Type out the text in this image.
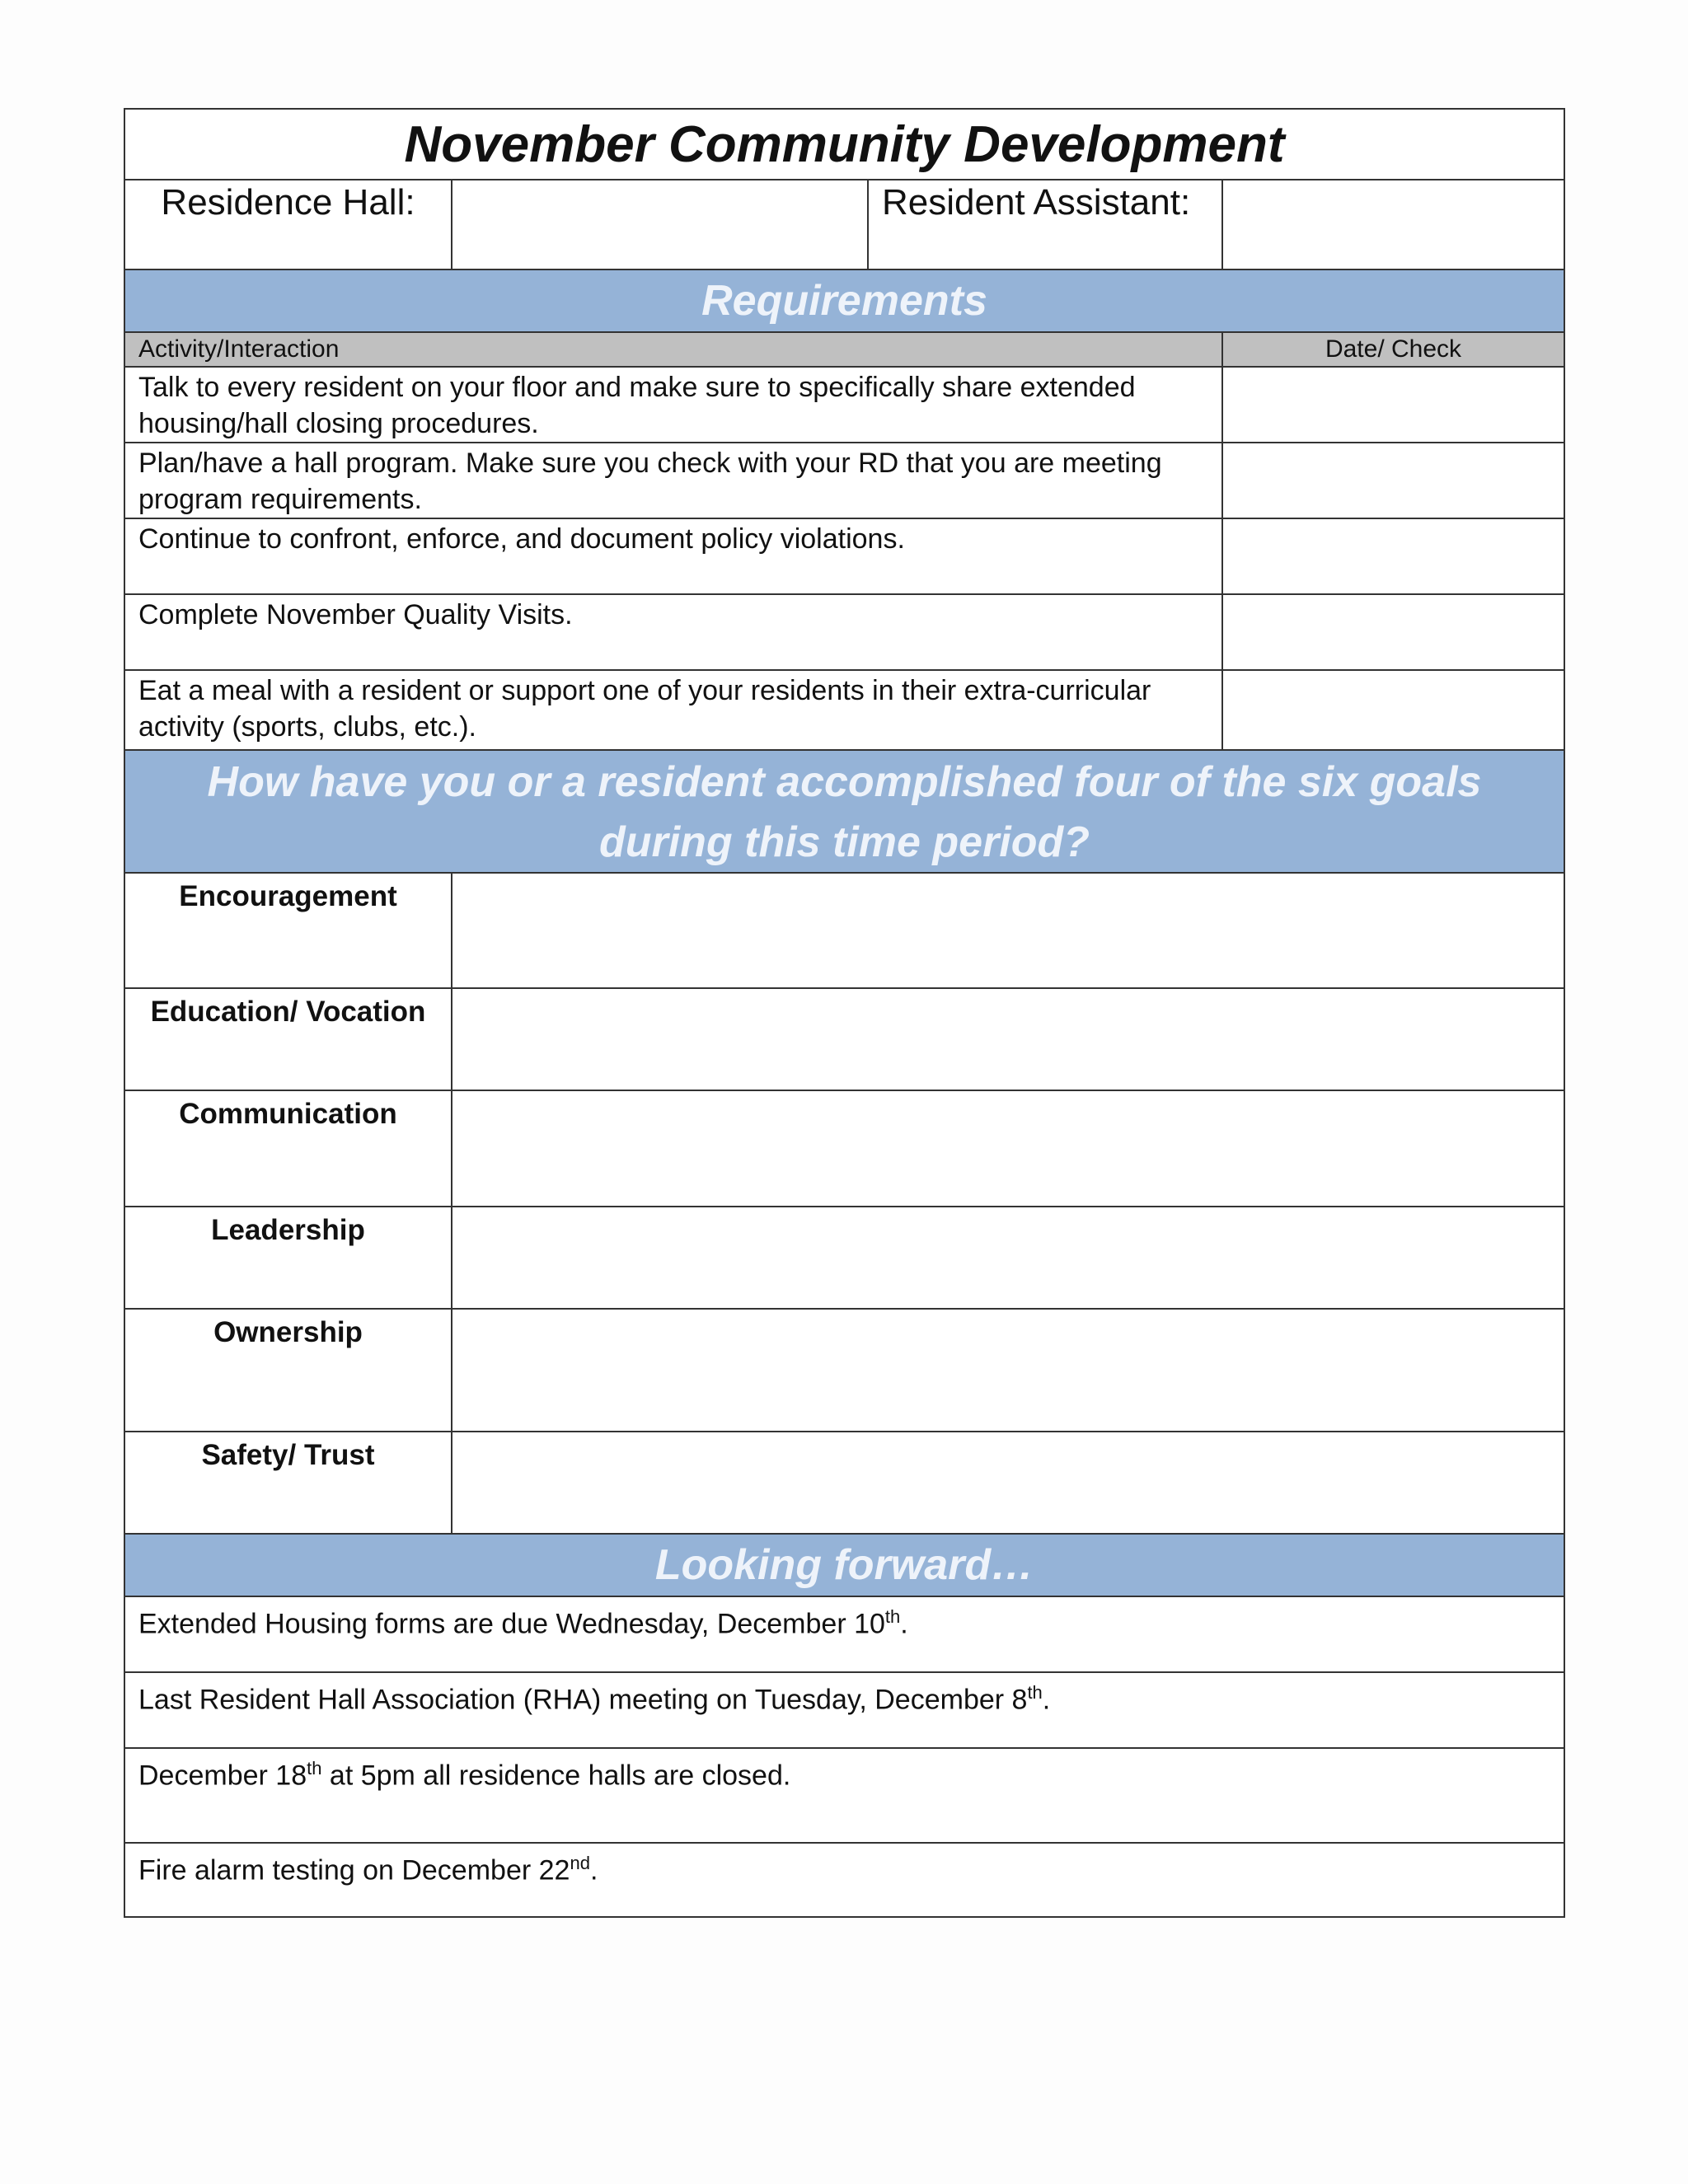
November Community Development
Residence Hall:	Resident Assistant:
Requirements
Activity/Interaction	Date/ Check
Talk to every resident on your floor and make sure to specifically share extended housing/hall closing procedures.
Plan/have a hall program. Make sure you check with your RD that you are meeting program requirements.
Continue to confront, enforce, and document policy violations.
Complete November Quality Visits.
Eat a meal with a resident or support one of your residents in their extra-curricular activity (sports, clubs, etc.).
How have you or a resident accomplished four of the six goals
during this time period?
Encouragement
Education/ Vocation
Communication
Leadership
Ownership
Safety/ Trust
Looking forward…
Extended Housing forms are due Wednesday, December 10th.
Last Resident Hall Association (RHA) meeting on Tuesday, December 8th.
December 18th at 5pm all residence halls are closed.
Fire alarm testing on December 22nd.
